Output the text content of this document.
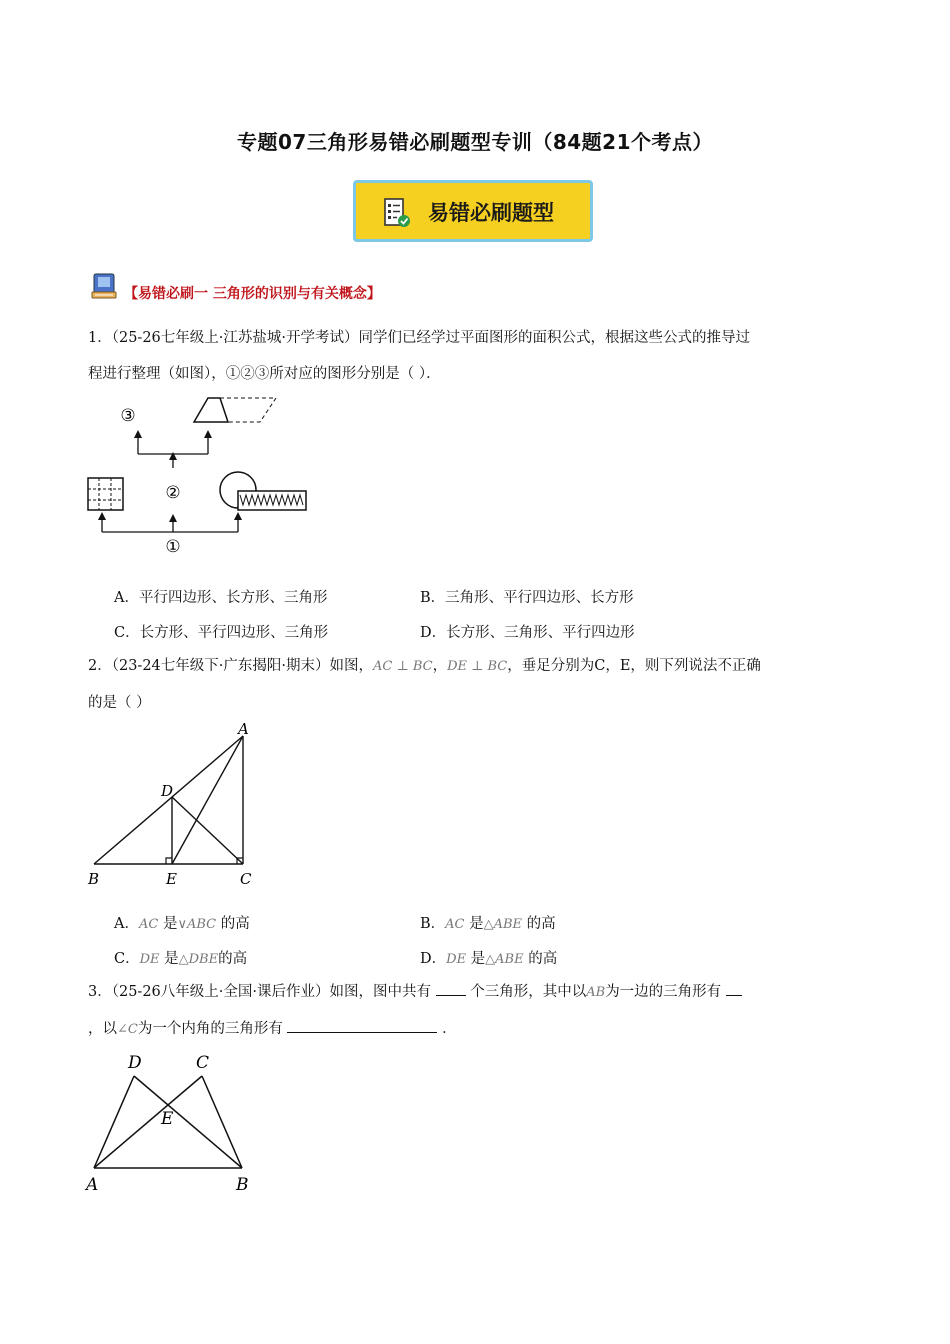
专题07三角形易错必刷题型专训（84题21个考点）
易错必刷题型
【易错必刷一 三角形的识别与有关概念】
1．（25-26七年级上·江苏盐城·开学考试）同学们已经学过平面图形的面积公式，根据这些公式的推导过
程进行整理（如图），①②③所对应的图形分别是（ ）．
③
②
①
A．平行四边形、长方形、三角形	B．三角形、平行四边形、长方形
C．长方形、平行四边形、三角形	D．长方形、三角形、平行四边形
2．（23-24七年级下·广东揭阳·期末）如图，AC ⊥ BC，DE ⊥ BC，垂足分别为C，E，则下列说法不正确
的是（ ）
A
D
B	E	C
A．AC 是∨ABC 的高	B．AC 是△ABE 的高
C．DE 是△DBE的高	D．DE 是△ABE 的高
3．（25-26八年级上·全国·课后作业）如图，图中共有	个三角形，其中以AB为一边的三角形有
，以∠C为一个内角的三角形有	．
D	C
E
A	B
